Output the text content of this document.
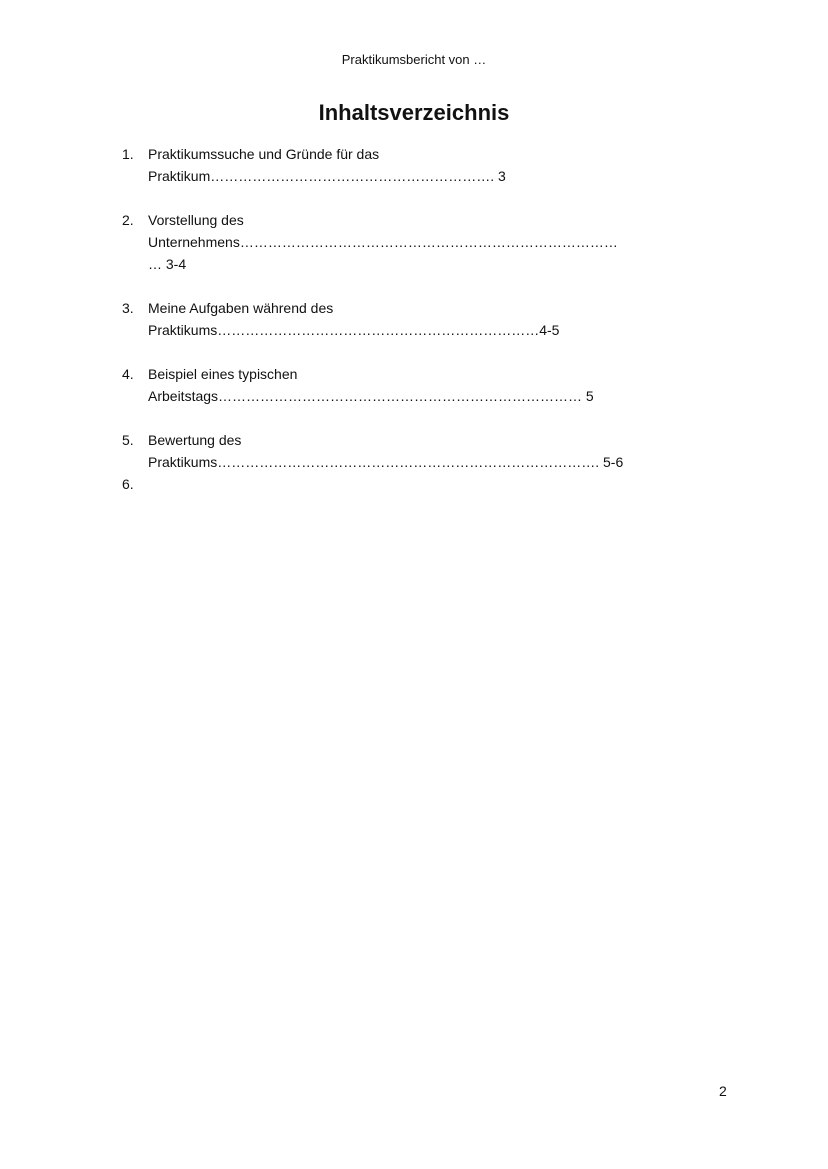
Praktikumsbericht von …
Inhaltsverzeichnis
1. Praktikumssuche und Gründe für das
Praktikum……………………………………………………. 3
2. Vorstellung des
Unternehmens………………………………………………………………………
… 3-4
3. Meine Aufgaben während des
Praktikums……………………………………………………………4-5
4. Beispiel eines typischen
Arbeitstags…………………………………………………………………… 5
5. Bewertung des
Praktikums………………………………………………………………………. 5-6
6.

2
